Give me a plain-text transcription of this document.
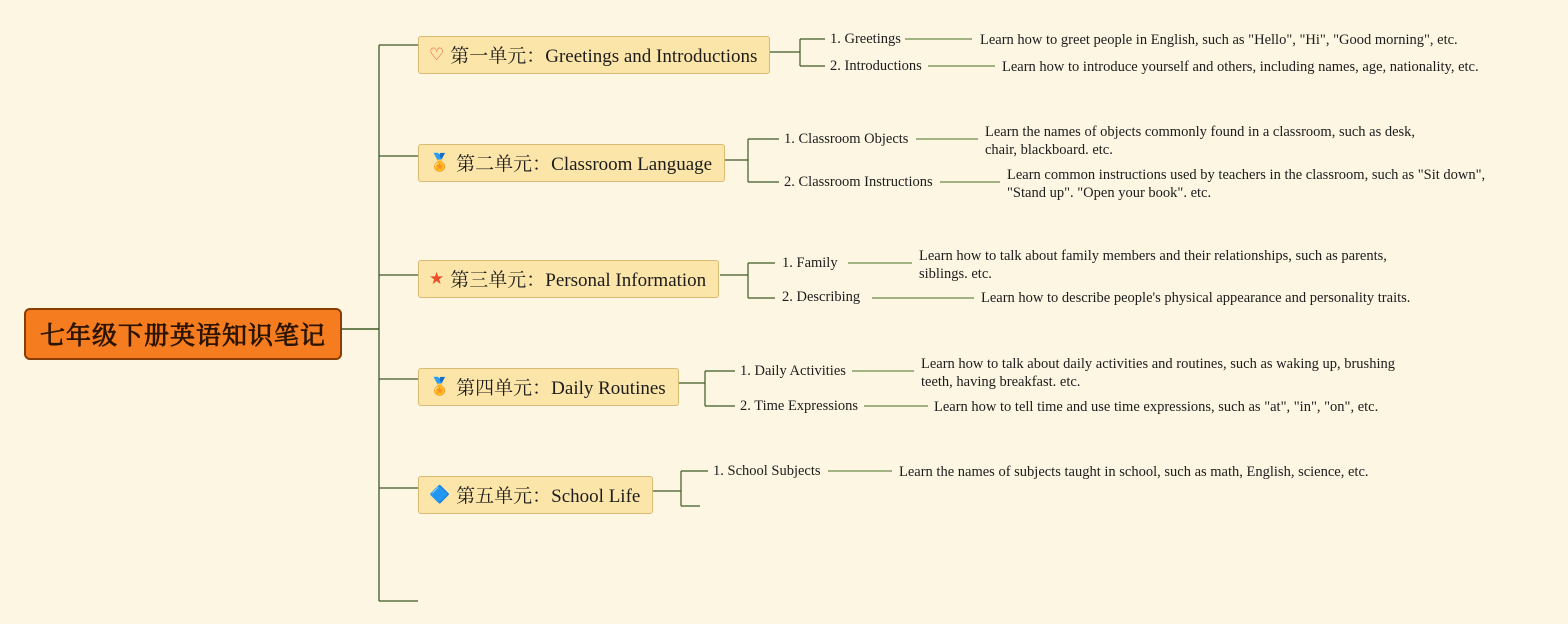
七年级下册英语知识笔记
♡ 第一单元：Greetings and Introductions
1. Greetings	Learn how to greet people in English, such as "Hello", "Hi", "Good morning", etc.
2. Introductions	Learn how to introduce yourself and others, including names, age, nationality, etc.
🏅 第二单元：Classroom Language
1. Classroom Objects	Learn the names of objects commonly found in a classroom, such as desk, chair, blackboard. etc.
2. Classroom Instructions	Learn common instructions used by teachers in the classroom, such as "Sit down", "Stand up". "Open your book". etc.
★ 第三单元：Personal Information
1. Family	Learn how to talk about family members and their relationships, such as parents, siblings. etc.
2. Describing	Learn how to describe people's physical appearance and personality traits.
🏅 第四单元：Daily Routines
1. Daily Activities	Learn how to talk about daily activities and routines, such as waking up, brushing teeth, having breakfast. etc.
2. Time Expressions	Learn how to tell time and use time expressions, such as "at", "in", "on", etc.
🔷 第五单元：School Life
1. School Subjects	Learn the names of subjects taught in school, such as math, English, science, etc.
